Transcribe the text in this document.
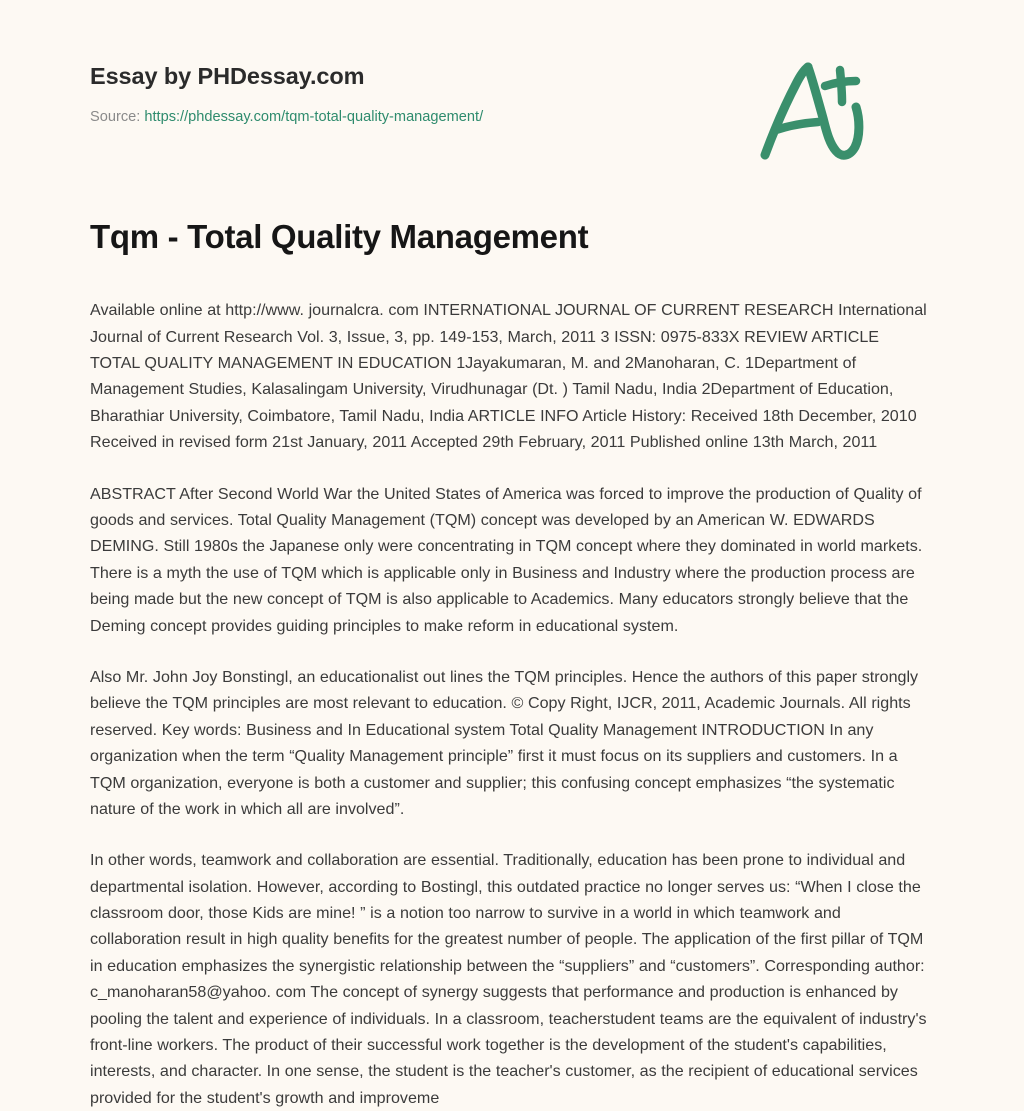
Essay by PHDessay.com
Source: https://phdessay.com/tqm-total-quality-management/
Tqm - Total Quality Management

Available online at http://www. journalcra. com INTERNATIONAL JOURNAL OF CURRENT RESEARCH International Journal of Current Research Vol. 3, Issue, 3, pp. 149-153, March, 2011 3 ISSN: 0975-833X REVIEW ARTICLE TOTAL QUALITY MANAGEMENT IN EDUCATION 1Jayakumaran, M. and 2Manoharan, C. 1Department of Management Studies, Kalasalingam University, Virudhunagar (Dt. ) Tamil Nadu, India 2Department of Education, Bharathiar University, Coimbatore, Tamil Nadu, India ARTICLE INFO Article History: Received 18th December, 2010 Received in revised form 21st January, 2011 Accepted 29th February, 2011 Published online 13th March, 2011

ABSTRACT After Second World War the United States of America was forced to improve the production of Quality of goods and services. Total Quality Management (TQM) concept was developed by an American W. EDWARDS DEMING. Still 1980s the Japanese only were concentrating in TQM concept where they dominated in world markets. There is a myth the use of TQM which is applicable only in Business and Industry where the production process are being made but the new concept of TQM is also applicable to Academics. Many educators strongly believe that the Deming concept provides guiding principles to make reform in educational system.

Also Mr. John Joy Bonstingl, an educationalist out lines the TQM principles. Hence the authors of this paper strongly believe the TQM principles are most relevant to education. © Copy Right, IJCR, 2011, Academic Journals. All rights reserved. Key words: Business and In Educational system Total Quality Management INTRODUCTION In any organization when the term “Quality Management principle” first it must focus on its suppliers and customers. In a TQM organization, everyone is both a customer and supplier; this confusing concept emphasizes “the systematic nature of the work in which all are involved”.

In other words, teamwork and collaboration are essential. Traditionally, education has been prone to individual and departmental isolation. However, according to Bostingl, this outdated practice no longer serves us: “When I close the classroom door, those Kids are mine! ” is a notion too narrow to survive in a world in which teamwork and collaboration result in high quality benefits for the greatest number of people. The application of the first pillar of TQM in education emphasizes the synergistic relationship between the “suppliers” and “customers”. Corresponding author: c_manoharan58@yahoo. com The concept of synergy suggests that performance and production is enhanced by pooling the talent and experience of individuals. In a classroom, teacherstudent teams are the equivalent of industry's front-line workers. The product of their successful work together is the development of the student's capabilities, interests, and character. In one sense, the student is the teacher's customer, as the recipient of educational services provided for the student's growth and improveme
